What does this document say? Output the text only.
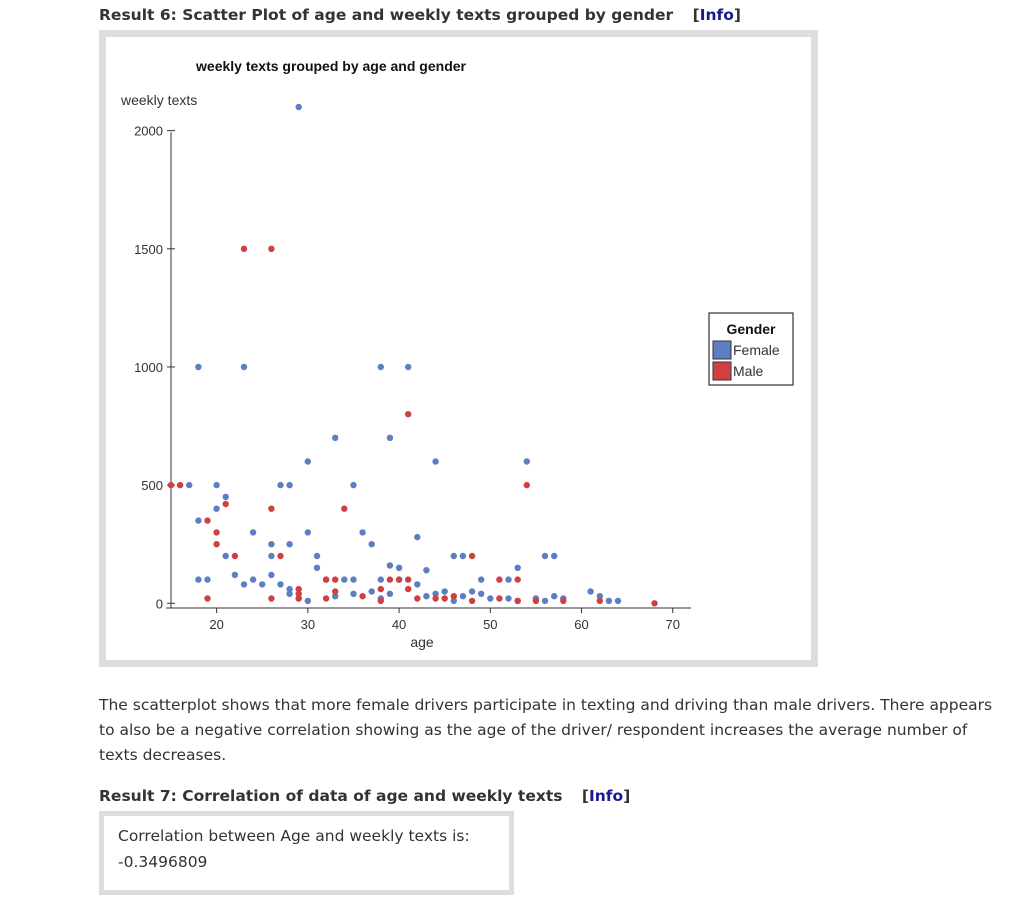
Result 6: Scatter Plot of age and weekly texts grouped by gender [Info]
weekly texts grouped by age and gender
weekly texts
age
0
500
1000
1500
2000
20	30	40	50	60	70
Gender
Female
Male

The scatterplot shows that more female drivers participate in texting and driving than male drivers. There appears to also be a negative correlation showing as the age of the driver/ respondent increases the average number of texts decreases.

Result 7: Correlation of data of age and weekly texts [Info]
Correlation between Age and weekly texts is:
-0.3496809
